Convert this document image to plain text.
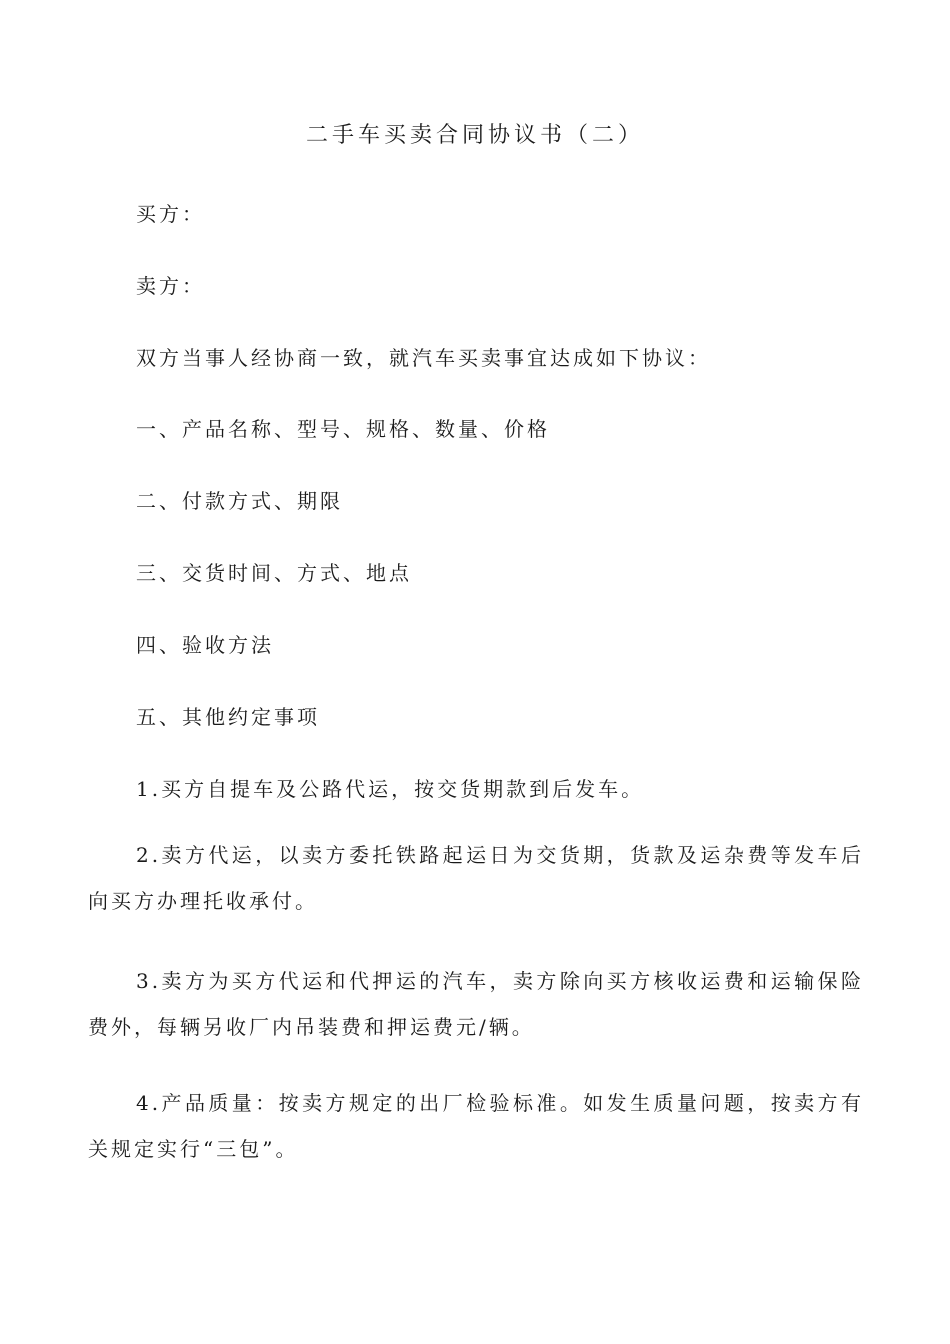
二手车买卖合同协议书（二）
买方：
卖方：
双方当事人经协商一致，就汽车买卖事宜达成如下协议：
一、产品名称、型号、规格、数量、价格
二、付款方式、期限
三、交货时间、方式、地点
四、验收方法
五、其他约定事项
1.买方自提车及公路代运，按交货期款到后发车。
2.卖方代运，以卖方委托铁路起运日为交货期，货款及运杂费等发车后向买方办理托收承付。
3.卖方为买方代运和代押运的汽车，卖方除向买方核收运费和运输保险费外，每辆另收厂内吊装费和押运费元/辆。
4.产品质量：按卖方规定的出厂检验标准。如发生质量问题，按卖方有关规定实行“三包”。
